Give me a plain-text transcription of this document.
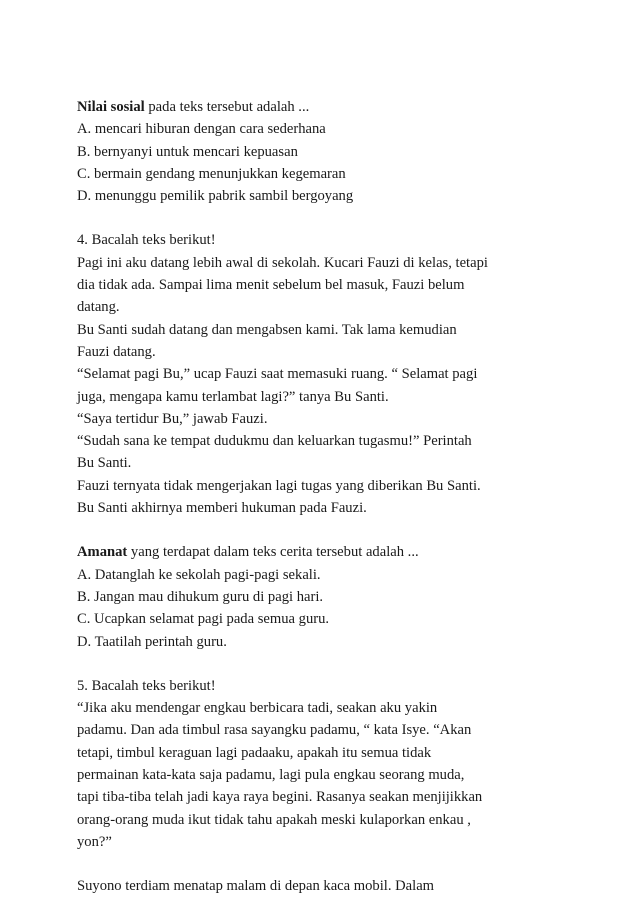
Nilai sosial pada teks tersebut adalah ...
A. mencari hiburan dengan cara sederhana
B. bernyanyi untuk mencari kepuasan
C. bermain gendang menunjukkan kegemaran
D. menunggu pemilik pabrik sambil bergoyang
4. Bacalah teks berikut!
Pagi ini aku datang lebih awal di sekolah. Kucari Fauzi di kelas, tetapi
dia tidak ada. Sampai lima menit sebelum bel masuk, Fauzi belum
datang.
Bu Santi sudah datang dan mengabsen kami. Tak lama kemudian
Fauzi datang.
“Selamat pagi Bu,” ucap Fauzi saat memasuki ruang. “ Selamat pagi
juga, mengapa kamu terlambat lagi?” tanya Bu Santi.
“Saya tertidur Bu,” jawab Fauzi.
“Sudah sana ke tempat dudukmu dan keluarkan tugasmu!” Perintah
Bu Santi.
Fauzi ternyata tidak mengerjakan lagi tugas yang diberikan Bu Santi.
Bu Santi akhirnya memberi hukuman pada Fauzi.
Amanat yang terdapat dalam teks cerita tersebut adalah ...
A. Datanglah ke sekolah pagi-pagi sekali.
B. Jangan mau dihukum guru di pagi hari.
C. Ucapkan selamat pagi pada semua guru.
D. Taatilah perintah guru.
5. Bacalah teks berikut!
“Jika aku mendengar engkau berbicara tadi, seakan aku yakin
padamu. Dan ada timbul rasa sayangku padamu, “ kata Isye. “Akan
tetapi, timbul keraguan lagi padaaku, apakah itu semua tidak
permainan kata-kata saja padamu, lagi pula engkau seorang muda,
tapi tiba-tiba telah jadi kaya raya begini. Rasanya seakan menjijikkan
orang-orang muda ikut tidak tahu apakah meski kulaporkan enkau ,
yon?”
Suyono terdiam menatap malam di depan kaca mobil. Dalam
